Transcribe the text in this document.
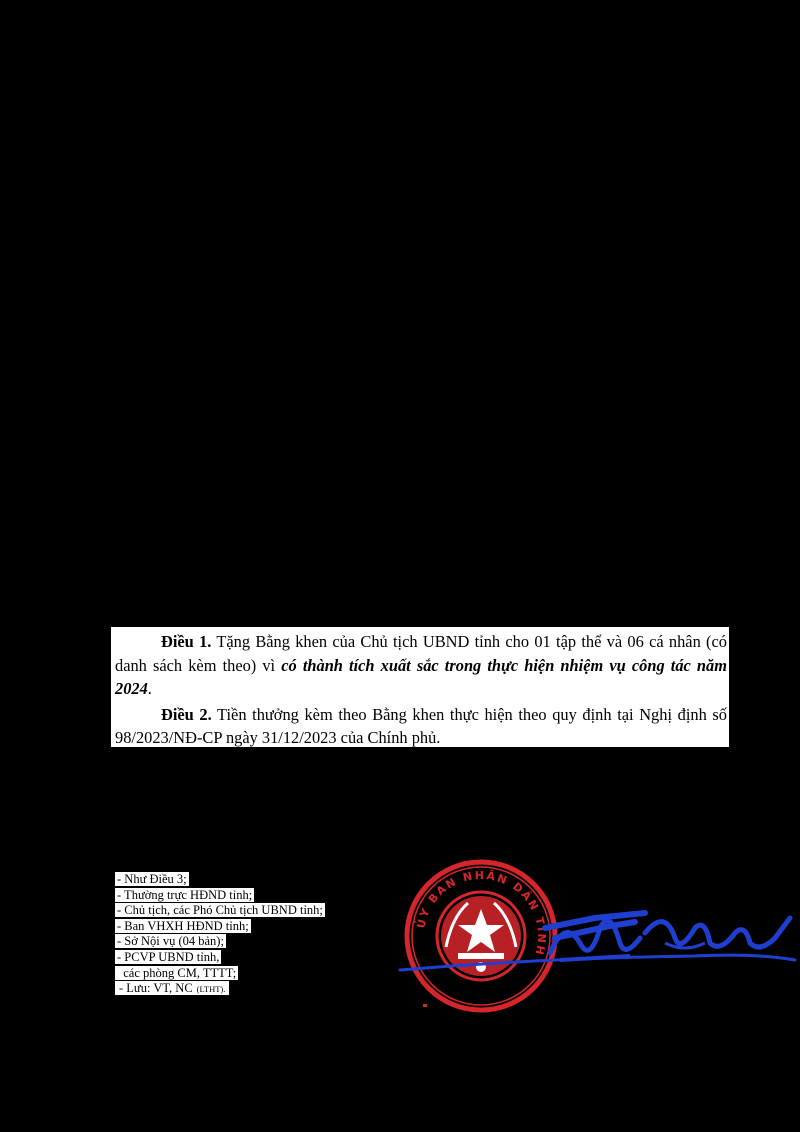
Điều 1. Tặng Bằng khen của Chủ tịch UBND tỉnh cho 01 tập thể và 06 cá nhân (có danh sách kèm theo) vì có thành tích xuất sắc trong thực hiện nhiệm vụ công tác năm 2024.

Điều 2. Tiền thưởng kèm theo Bằng khen thực hiện theo quy định tại Nghị định số 98/2023/NĐ-CP ngày 31/12/2023 của Chính phủ.

- Như Điều 3;
- Thường trực HĐND tỉnh;
- Chủ tịch, các Phó Chủ tịch UBND tỉnh;
- Ban VHXH HĐND tỉnh;
- Sở Nội vụ (04 bản);
- PCVP UBND tỉnh,
các phòng CM, TTTT;
- Lưu: VT, NC (LTHT).
ỦY BAN NHÂN DÂN TỈNH
